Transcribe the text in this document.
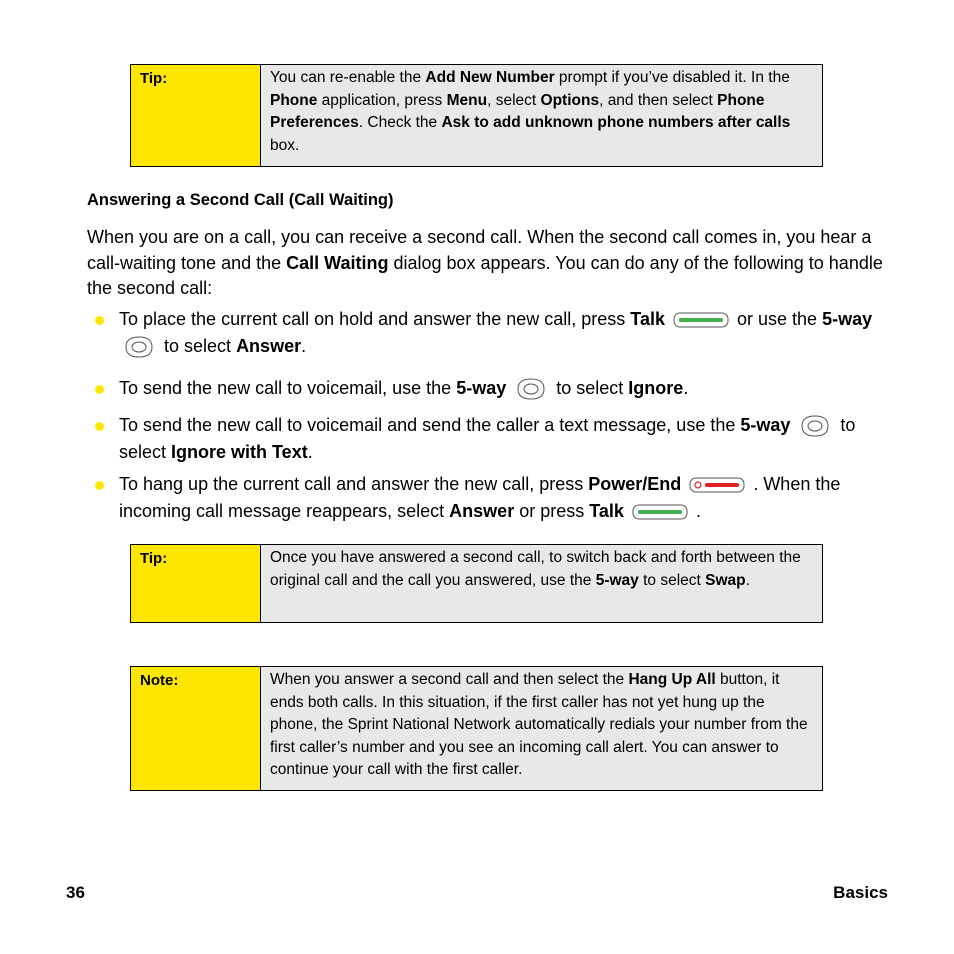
Tip:	You can re-enable the Add New Number prompt if you’ve disabled it. In the Phone application, press Menu, select Options, and then select Phone Preferences. Check the Ask to add unknown phone numbers after calls box.
Answering a Second Call (Call Waiting)
When you are on a call, you can receive a second call. When the second call comes in, you hear a call-waiting tone and the Call Waiting dialog box appears. You can do any of the following to handle the second call:
To place the current call on hold and answer the new call, press Talk	or use the 5-way  to select Answer.
To send the new call to voicemail, use the 5-way	to select Ignore.
To send the new call to voicemail and send the caller a text message, use the 5-way	to select Ignore with Text.
To hang up the current call and answer the new call, press Power/End	. When the incoming call message reappears, select Answer or press Talk	.
Tip:	Once you have answered a second call, to switch back and forth between the original call and the call you answered, use the 5-way to select Swap.
Note:	When you answer a second call and then select the Hang Up All button, it ends both calls. In this situation, if the first caller has not yet hung up the phone, the Sprint National Network automatically redials your number from the first caller’s number and you see an incoming call alert. You can answer to continue your call with the first caller.
36	Basics
